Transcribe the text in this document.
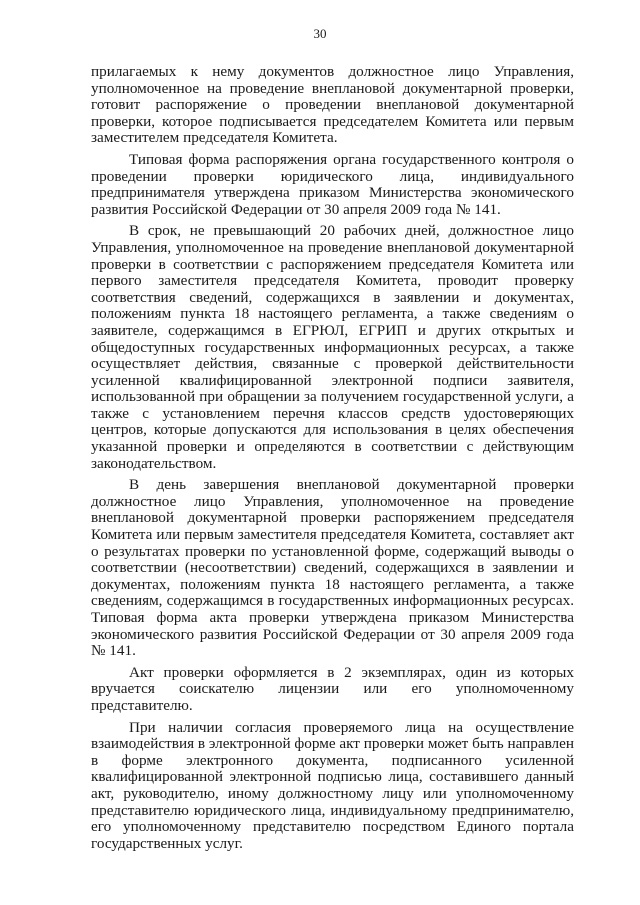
30

прилагаемых к нему документов должностное лицо Управления, уполномоченное на проведение внеплановой документарной проверки, готовит распоряжение о проведении внеплановой документарной проверки, которое подписывается председателем Комитета или первым заместителем председателя Комитета.

Типовая форма распоряжения органа государственного контроля о проведении проверки юридического лица, индивидуального предпринимателя утверждена приказом Министерства экономического развития Российской Федерации от 30 апреля 2009 года № 141.

В срок, не превышающий 20 рабочих дней, должностное лицо Управления, уполномоченное на проведение внеплановой документарной проверки в соответствии с распоряжением председателя Комитета или первого заместителя председателя Комитета, проводит проверку соответствия сведений, содержащихся в заявлении и документах, положениям пункта 18 настоящего регламента, а также сведениям о заявителе, содержащимся в ЕГРЮЛ, ЕГРИП и других открытых и общедоступных государственных информационных ресурсах, а также осуществляет действия, связанные с проверкой действительности усиленной квалифицированной электронной подписи заявителя, использованной при обращении за получением государственной услуги, а также с установлением перечня классов средств удостоверяющих центров, которые допускаются для использования в целях обеспечения указанной проверки и определяются в соответствии с действующим законодательством.

В день завершения внеплановой документарной проверки должностное лицо Управления, уполномоченное на проведение внеплановой документарной проверки распоряжением председателя Комитета или первым заместителя председателя Комитета, составляет акт о результатах проверки по установленной форме, содержащий выводы о соответствии (несоответствии) сведений, содержащихся в заявлении и документах, положениям пункта 18 настоящего регламента, а также сведениям, содержащимся в государственных информационных ресурсах. Типовая форма акта проверки утверждена приказом Министерства экономического развития Российской Федерации от 30 апреля 2009 года № 141.

Акт проверки оформляется в 2 экземплярах, один из которых вручается соискателю лицензии или его уполномоченному представителю.

При наличии согласия проверяемого лица на осуществление взаимодействия в электронной форме акт проверки может быть направлен в форме электронного документа, подписанного усиленной квалифицированной электронной подписью лица, составившего данный акт, руководителю, иному должностному лицу или уполномоченному представителю юридического лица, индивидуальному предпринимателю, его уполномоченному представителю посредством Единого портала государственных услуг.
